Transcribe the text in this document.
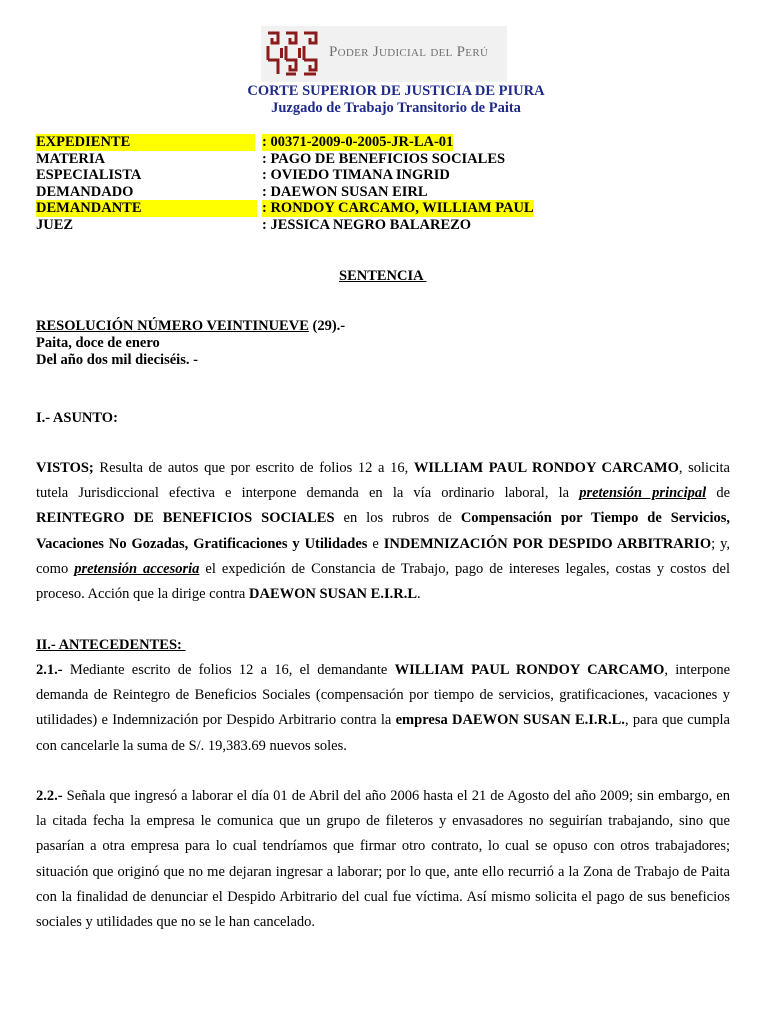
Poder Judicial del Perú
CORTE SUPERIOR DE JUSTICIA DE PIURA
Juzgado de Trabajo Transitorio de Paita
EXPEDIENTE	: 00371-2009-0-2005-JR-LA-01
MATERIA	: PAGO DE BENEFICIOS SOCIALES
ESPECIALISTA	: OVIEDO TIMANA INGRID
DEMANDADO	: DAEWON SUSAN EIRL
DEMANDANTE	: RONDOY CARCAMO, WILLIAM PAUL
JUEZ	: JESSICA NEGRO BALAREZO
SENTENCIA
RESOLUCIÓN NÚMERO VEINTINUEVE (29).-
Paita, doce de enero
Del año dos mil dieciséis. -
I.- ASUNTO:
VISTOS; Resulta de autos que por escrito de folios 12 a 16, WILLIAM PAUL RONDOY CARCAMO, solicita tutela Jurisdiccional efectiva e interpone demanda en la vía ordinario laboral, la pretensión principal de REINTEGRO DE BENEFICIOS SOCIALES en los rubros de Compensación por Tiempo de Servicios, Vacaciones No Gozadas, Gratificaciones y Utilidades e INDEMNIZACIÓN POR DESPIDO ARBITRARIO; y, como pretensión accesoria el expedición de Constancia de Trabajo, pago de intereses legales, costas y costos del proceso. Acción que la dirige contra DAEWON SUSAN E.I.R.L.
II.- ANTECEDENTES:
2.1.- Mediante escrito de folios 12 a 16, el demandante WILLIAM PAUL RONDOY CARCAMO, interpone demanda de Reintegro de Beneficios Sociales (compensación por tiempo de servicios, gratificaciones, vacaciones y utilidades) e Indemnización por Despido Arbitrario contra la empresa DAEWON SUSAN E.I.R.L., para que cumpla con cancelarle la suma de S/. 19,383.69 nuevos soles.
2.2.- Señala que ingresó a laborar el día 01 de Abril del año 2006 hasta el 21 de Agosto del año 2009; sin embargo, en la citada fecha la empresa le comunica que un grupo de fileteros y envasadores no seguirían trabajando, sino que pasarían a otra empresa para lo cual tendríamos que firmar otro contrato, lo cual se opuso con otros trabajadores; situación que originó que no me dejaran ingresar a laborar; por lo que, ante ello recurrió a la Zona de Trabajo de Paita con la finalidad de denunciar el Despido Arbitrario del cual fue víctima. Así mismo solicita el pago de sus beneficios sociales y utilidades que no se le han cancelado.
